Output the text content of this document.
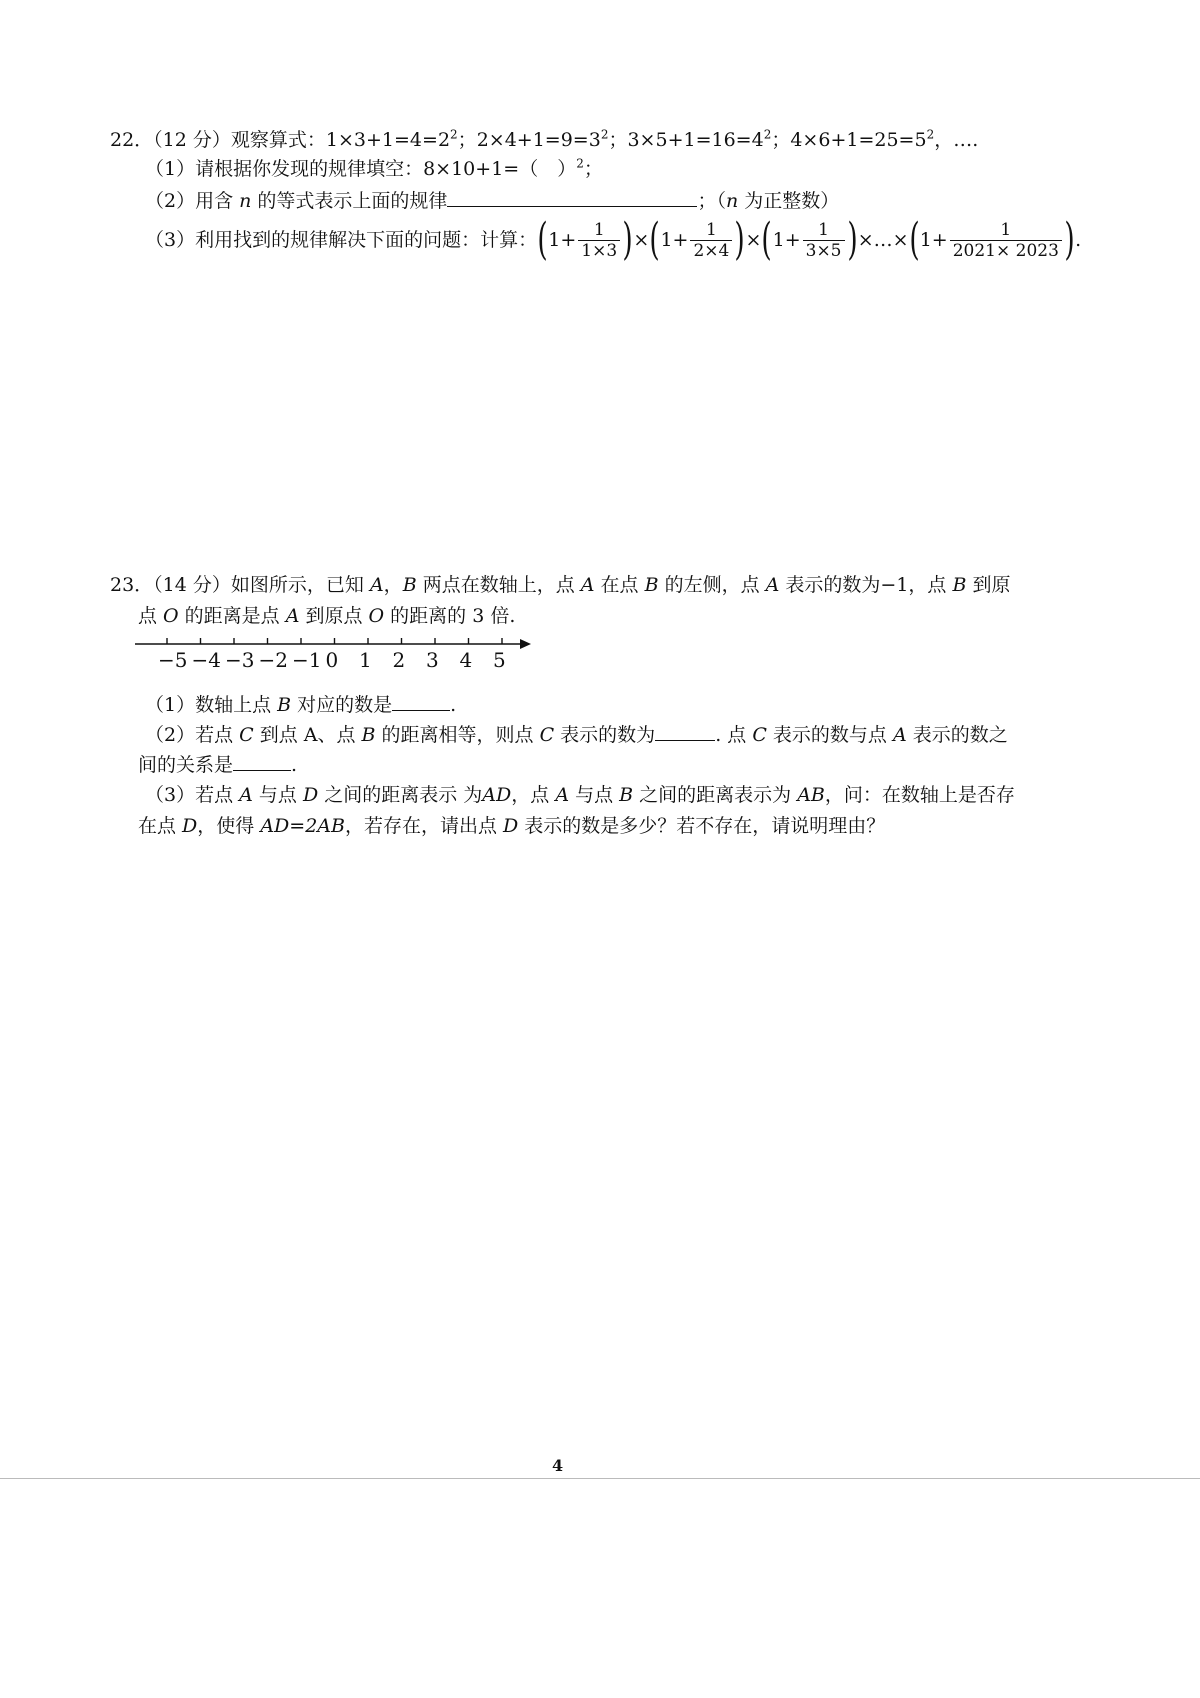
22．（12 分）观察算式：$1\times 3+1=4=2^2$；$2\times 4+1=9=3^2$；$3\times 5+1=16=4^2$；$4\times 6+1=25=5^2$，….
（1）请根据你发现的规律填空：8×10+1=（　）$^2$；
（2）用含 n 的等式表示上面的规律	；（n 为正整数）
（3）利用找到的规律解决下面的问题：计算： ( $1+ \frac{1}{1\times 3}$ ) × ( $1+ \frac{1}{2\times 4}$ ) × ( $1+ \frac{1}{3\times 5}$ ) ×…× ( $1+ \frac{1}{2021\times 2023}$ ) .
23．（14 分）如图所示，已知 A，B 两点在数轴上，点 A 在点 B 的左侧，点 A 表示的数为−1，点 B 到原
点 O 的距离是点 A 到原点 O 的距离的 3 倍.
−5 −4 −3 −2 −1 0 1 2 3 4 5
（1）数轴上点 B 对应的数是	.
（2）若点 C 到点 A、点 B 的距离相等，则点 C 表示的数为	. 点 C 表示的数与点 A 表示的数之
间的关系是	.
（3）若点 A 与点 D 之间的距离表示 为AD，点 A 与点 B 之间的距离表示为 AB，问：在数轴上是否存
在点 D，使得 AD=2AB，若存在，请出点 D 表示的数是多少？若不存在，请说明理由？
4
